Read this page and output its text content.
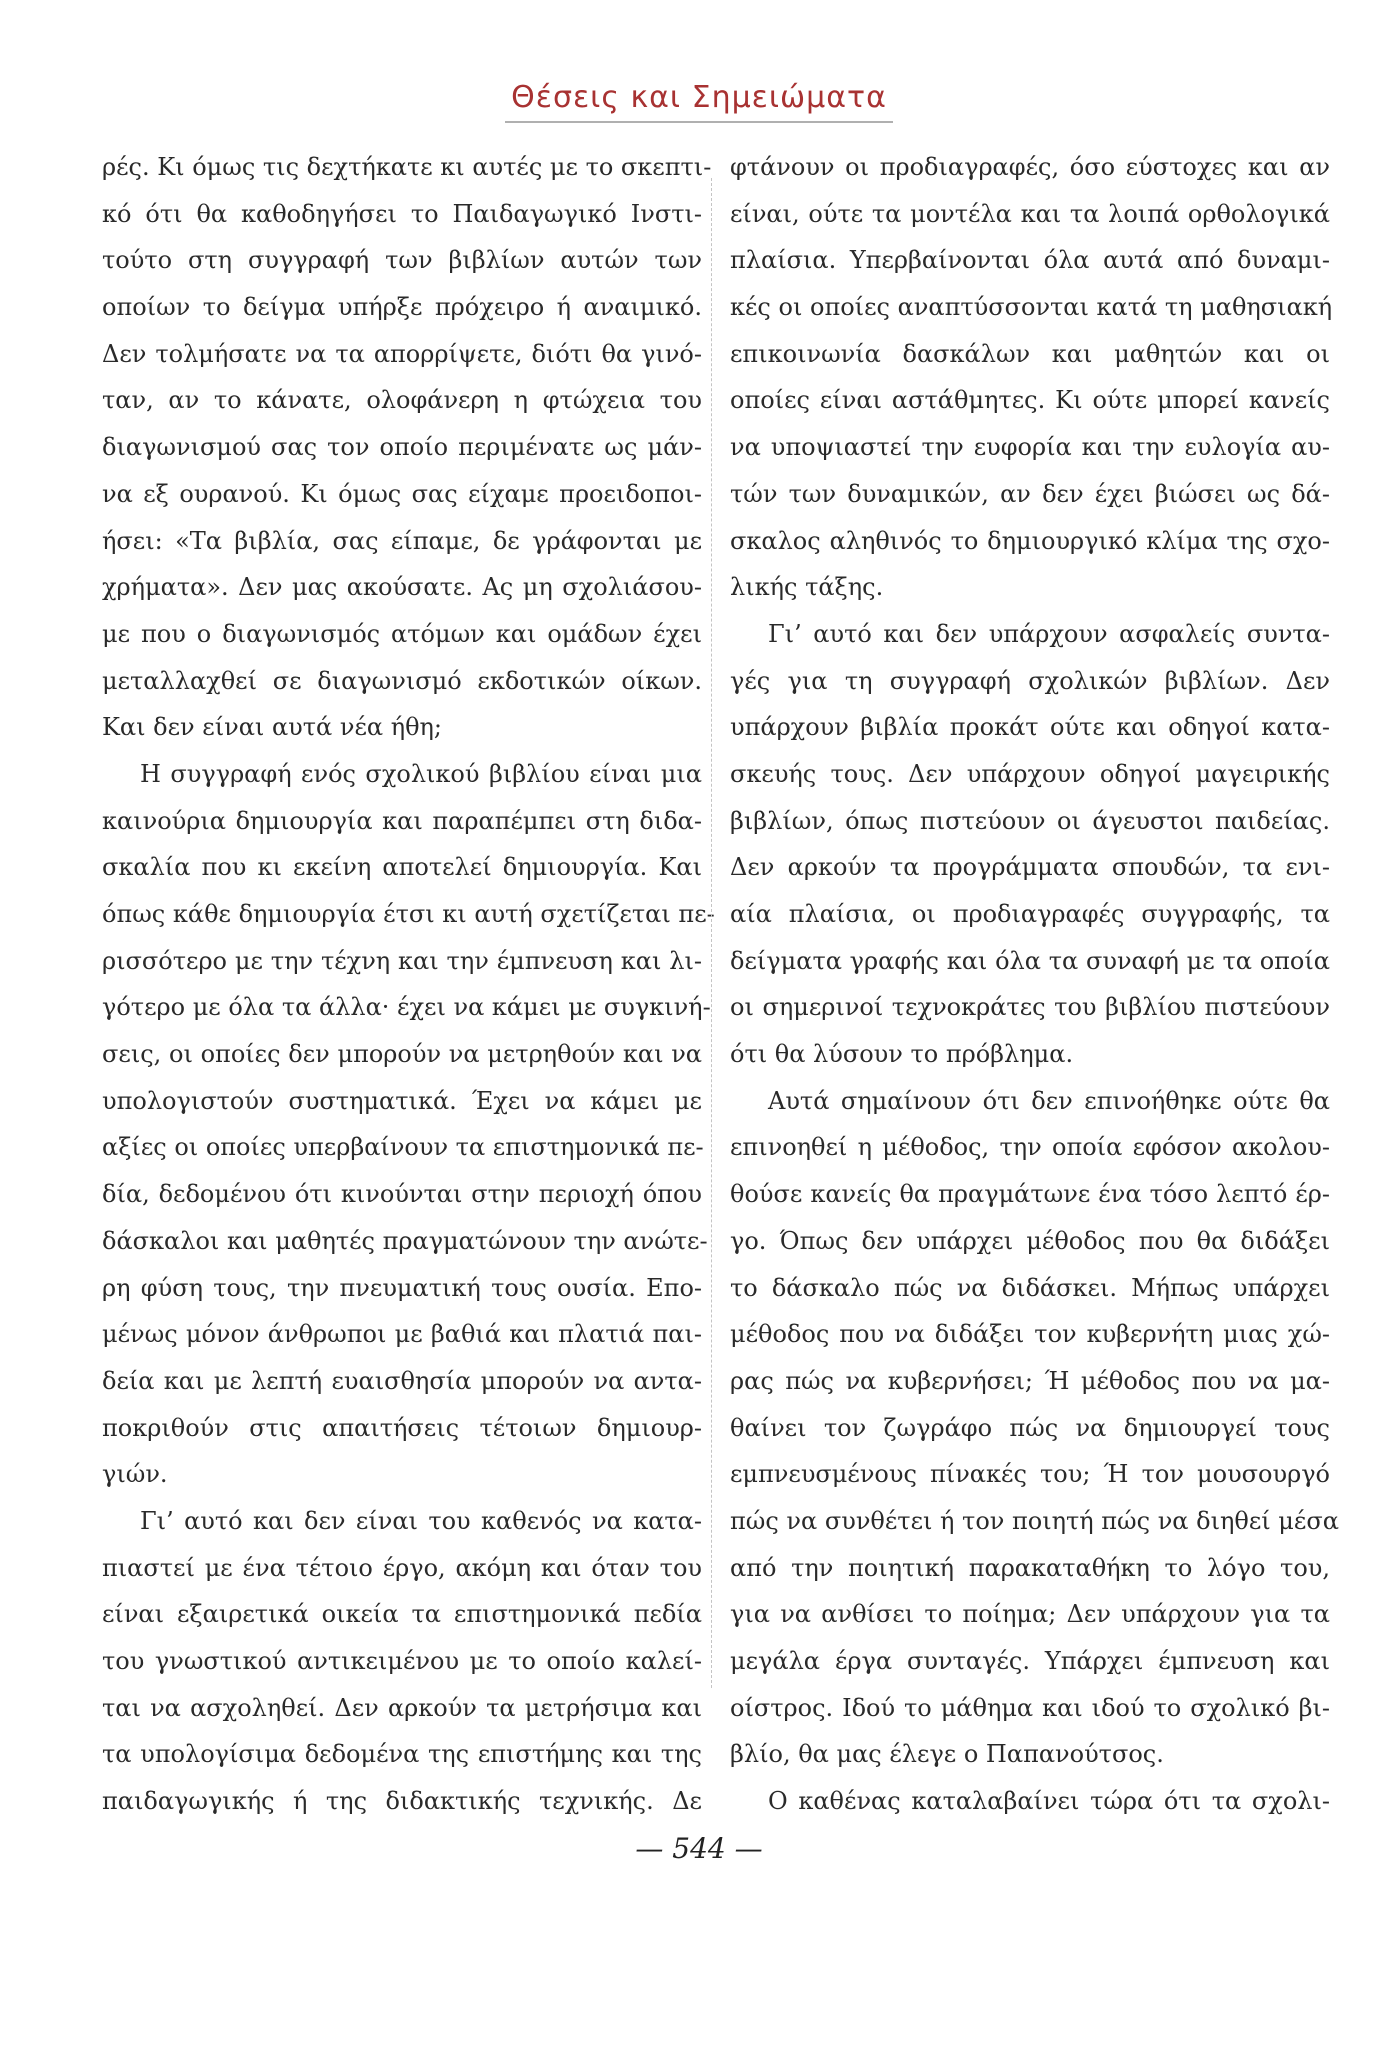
Θέσεις και Σημειώματα
ρές. Κι όμως τις δεχτήκατε κι αυτές με το σκεπτι-
κό ότι θα καθοδηγήσει το Παιδαγωγικό Ινστι-
τούτο στη συγγραφή των βιβλίων αυτών των
οποίων το δείγμα υπήρξε πρόχειρο ή αναιμικό.
Δεν τολμήσατε να τα απορρίψετε, διότι θα γινό-
ταν, αν το κάνατε, ολοφάνερη η φτώχεια του
διαγωνισμού σας τον οποίο περιμένατε ως μάν-
να εξ ουρανού. Κι όμως σας είχαμε προειδοποι-
ήσει: «Τα βιβλία, σας είπαμε, δε γράφονται με
χρήματα». Δεν μας ακούσατε. Ας μη σχολιάσου-
με που ο διαγωνισμός ατόμων και ομάδων έχει
μεταλλαχθεί σε διαγωνισμό εκδοτικών οίκων.
Και δεν είναι αυτά νέα ήθη;
Η συγγραφή ενός σχολικού βιβλίου είναι μια
καινούρια δημιουργία και παραπέμπει στη διδα-
σκαλία που κι εκείνη αποτελεί δημιουργία. Και
όπως κάθε δημιουργία έτσι κι αυτή σχετίζεται πε-
ρισσότερο με την τέχνη και την έμπνευση και λι-
γότερο με όλα τα άλλα· έχει να κάμει με συγκινή-
σεις, οι οποίες δεν μπορούν να μετρηθούν και να
υπολογιστούν συστηματικά. Έχει να κάμει με
αξίες οι οποίες υπερβαίνουν τα επιστημονικά πε-
δία, δεδομένου ότι κινούνται στην περιοχή όπου
δάσκαλοι και μαθητές πραγματώνουν την ανώτε-
ρη φύση τους, την πνευματική τους ουσία. Επο-
μένως μόνον άνθρωποι με βαθιά και πλατιά παι-
δεία και με λεπτή ευαισθησία μπορούν να αντα-
ποκριθούν στις απαιτήσεις τέτοιων δημιουρ-
γιών.
Γι’ αυτό και δεν είναι του καθενός να κατα-
πιαστεί με ένα τέτοιο έργο, ακόμη και όταν του
είναι εξαιρετικά οικεία τα επιστημονικά πεδία
του γνωστικού αντικειμένου με το οποίο καλεί-
ται να ασχοληθεί. Δεν αρκούν τα μετρήσιμα και
τα υπολογίσιμα δεδομένα της επιστήμης και της
παιδαγωγικής ή της διδακτικής τεχνικής. Δε
φτάνουν οι προδιαγραφές, όσο εύστοχες και αν
είναι, ούτε τα μοντέλα και τα λοιπά ορθολογικά
πλαίσια. Υπερβαίνονται όλα αυτά από δυναμι-
κές οι οποίες αναπτύσσονται κατά τη μαθησιακή
επικοινωνία δασκάλων και μαθητών και οι
οποίες είναι αστάθμητες. Κι ούτε μπορεί κανείς
να υποψιαστεί την ευφορία και την ευλογία αυ-
τών των δυναμικών, αν δεν έχει βιώσει ως δά-
σκαλος αληθινός το δημιουργικό κλίμα της σχο-
λικής τάξης.
Γι’ αυτό και δεν υπάρχουν ασφαλείς συντα-
γές για τη συγγραφή σχολικών βιβλίων. Δεν
υπάρχουν βιβλία προκάτ ούτε και οδηγοί κατα-
σκευής τους. Δεν υπάρχουν οδηγοί μαγειρικής
βιβλίων, όπως πιστεύουν οι άγευστοι παιδείας.
Δεν αρκούν τα προγράμματα σπουδών, τα ενι-
αία πλαίσια, οι προδιαγραφές συγγραφής, τα
δείγματα γραφής και όλα τα συναφή με τα οποία
οι σημερινοί τεχνοκράτες του βιβλίου πιστεύουν
ότι θα λύσουν το πρόβλημα.
Αυτά σημαίνουν ότι δεν επινοήθηκε ούτε θα
επινοηθεί η μέθοδος, την οποία εφόσον ακολου-
θούσε κανείς θα πραγμάτωνε ένα τόσο λεπτό έρ-
γο. Όπως δεν υπάρχει μέθοδος που θα διδάξει
το δάσκαλο πώς να διδάσκει. Μήπως υπάρχει
μέθοδος που να διδάξει τον κυβερνήτη μιας χώ-
ρας πώς να κυβερνήσει; Ή μέθοδος που να μα-
θαίνει τον ζωγράφο πώς να δημιουργεί τους
εμπνευσμένους πίνακές του; Ή τον μουσουργό
πώς να συνθέτει ή τον ποιητή πώς να διηθεί μέσα
από την ποιητική παρακαταθήκη το λόγο του,
για να ανθίσει το ποίημα; Δεν υπάρχουν για τα
μεγάλα έργα συνταγές. Υπάρχει έμπνευση και
οίστρος. Ιδού το μάθημα και ιδού το σχολικό βι-
βλίο, θα μας έλεγε ο Παπανούτσος.
Ο καθένας καταλαβαίνει τώρα ότι τα σχολι-
— 544 —
